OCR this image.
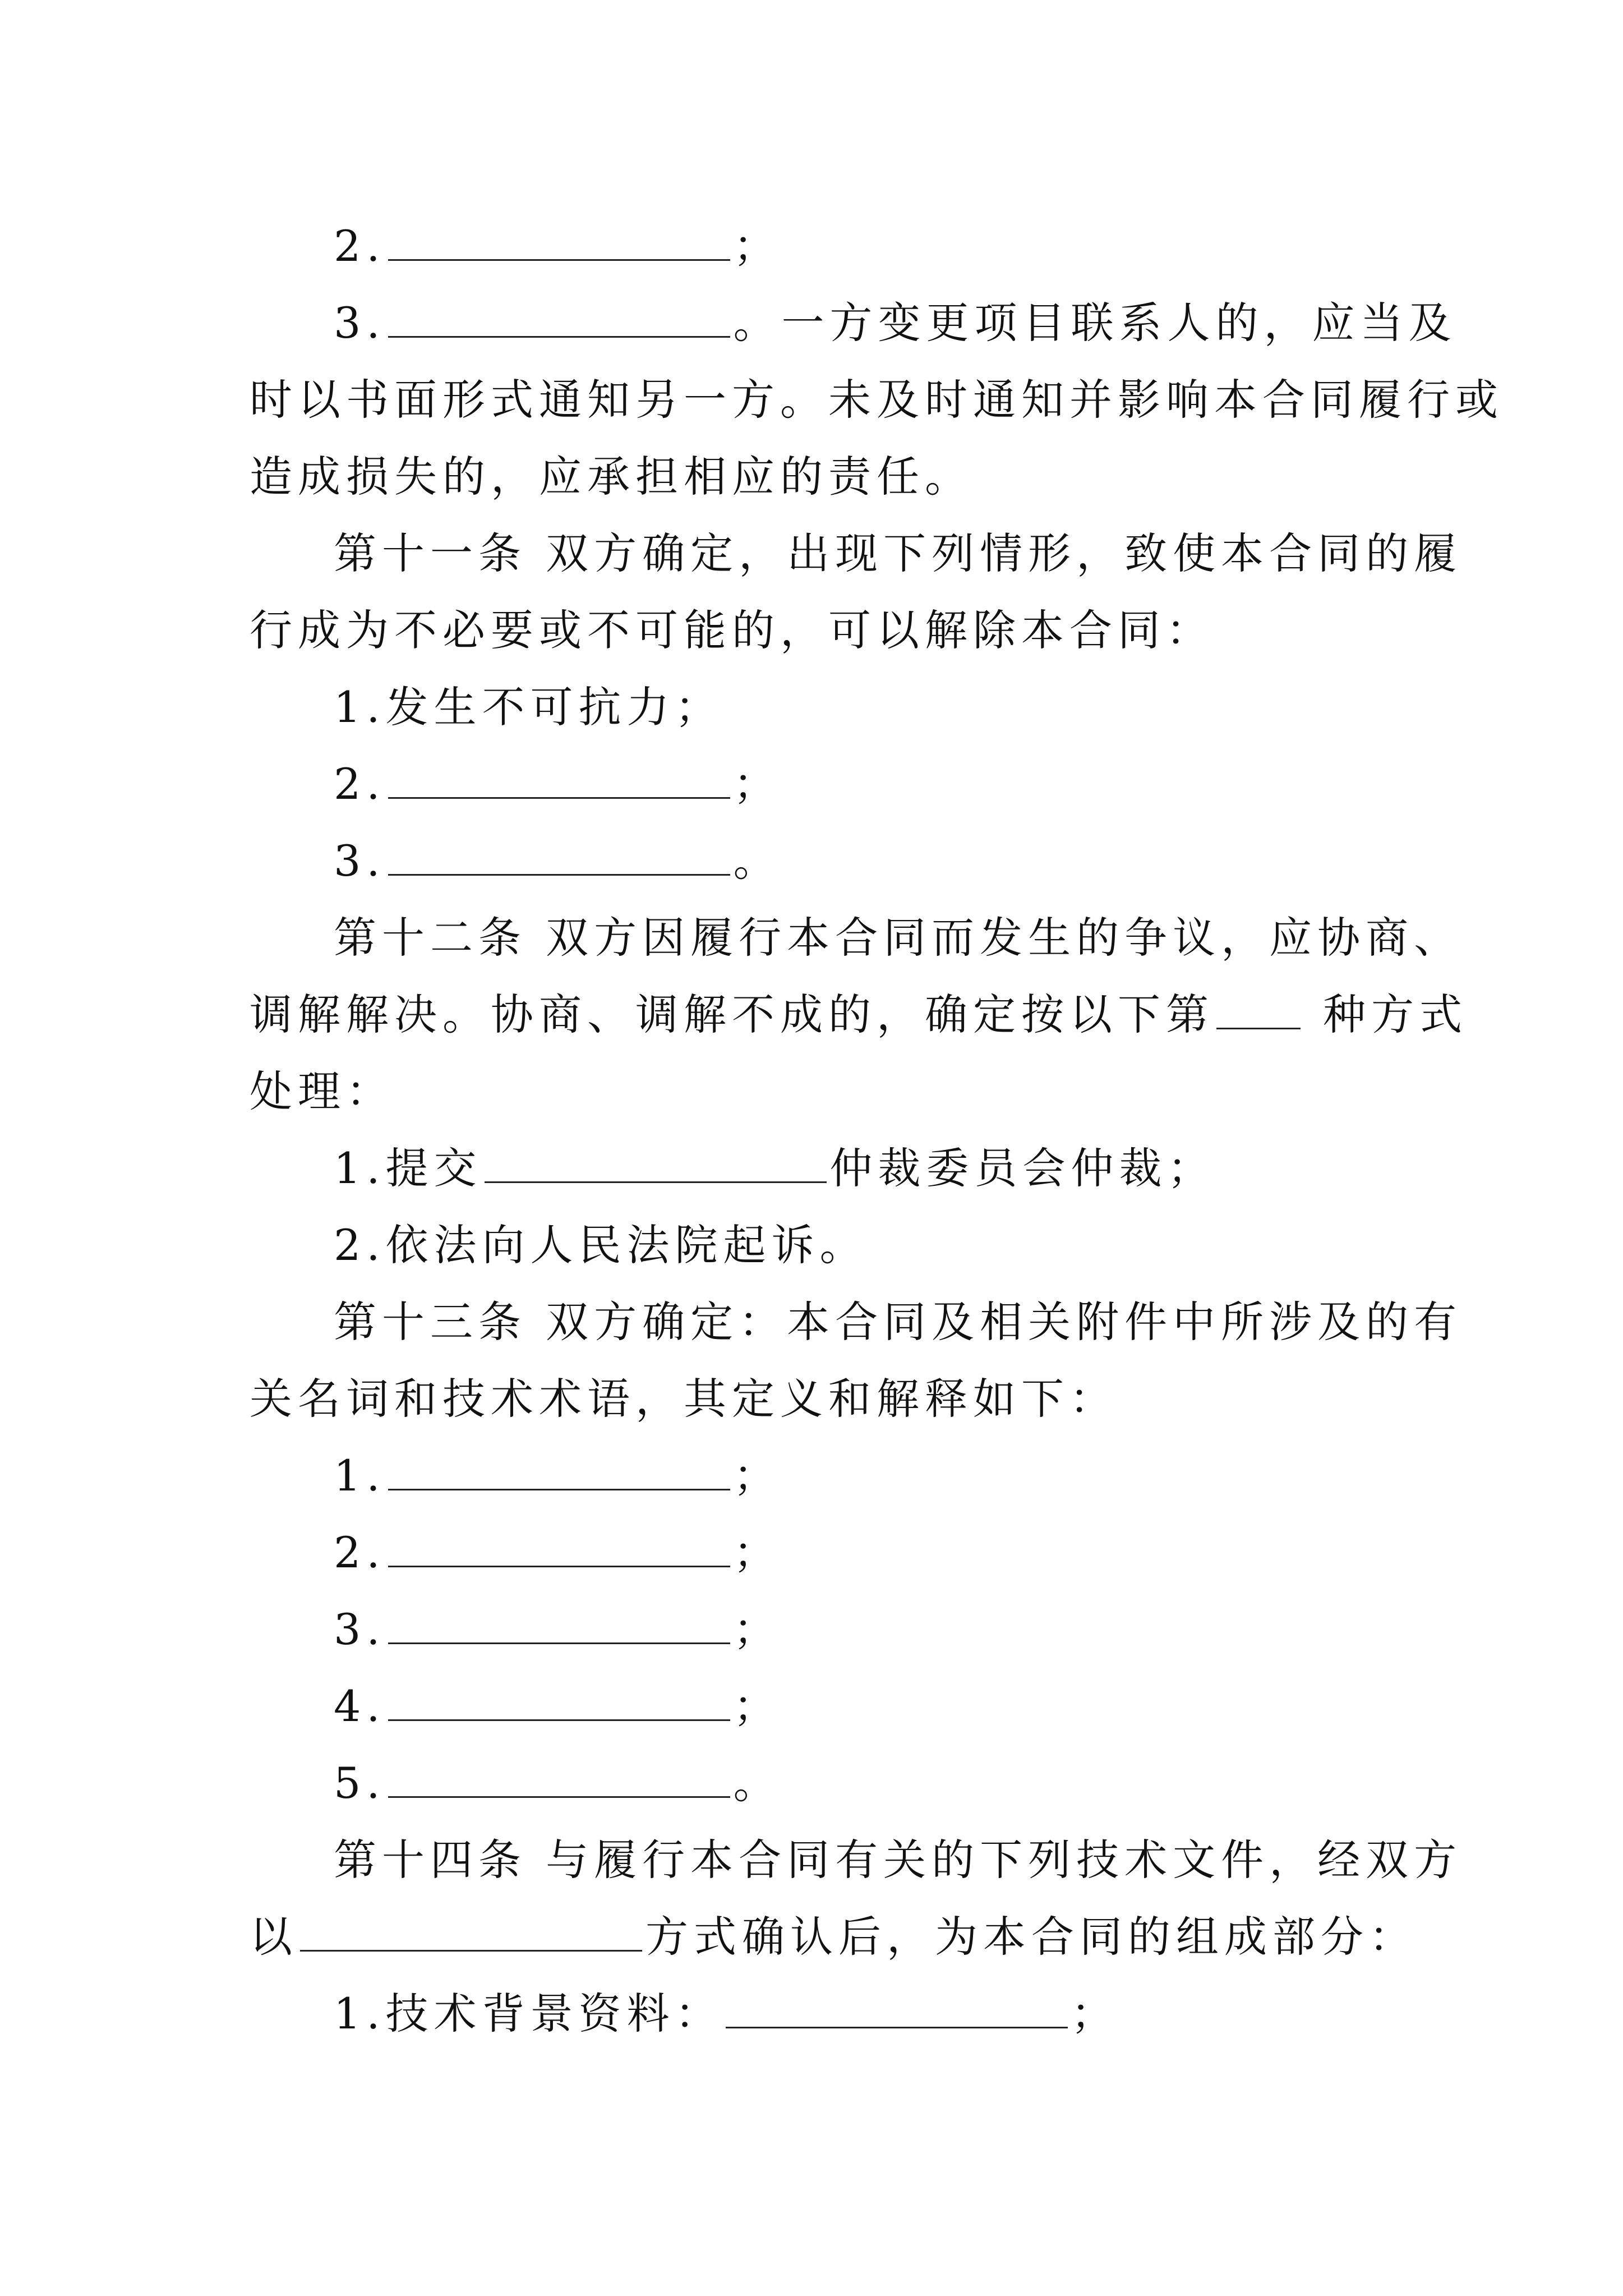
2.	；
3.	。一方变更项目联系人的，应当及
时以书面形式通知另一方。未及时通知并影响本合同履行或
造成损失的，应承担相应的责任。
第十一条 双方确定，出现下列情形，致使本合同的履
行成为不必要或不可能的，可以解除本合同：
1.发生不可抗力；
2.	；
3.	。
第十二条 双方因履行本合同而发生的争议，应协商、
调解解决。协商、调解不成的，确定按以下第 种方式
处理：
1.提交	仲裁委员会仲裁；
2.依法向人民法院起诉。
第十三条 双方确定：本合同及相关附件中所涉及的有
关名词和技术术语，其定义和解释如下：
1.	；
2.	；
3.	；
4.	；
5.	。
第十四条 与履行本合同有关的下列技术文件，经双方
以	方式确认后，为本合同的组成部分：
1.技术背景资料：	；
